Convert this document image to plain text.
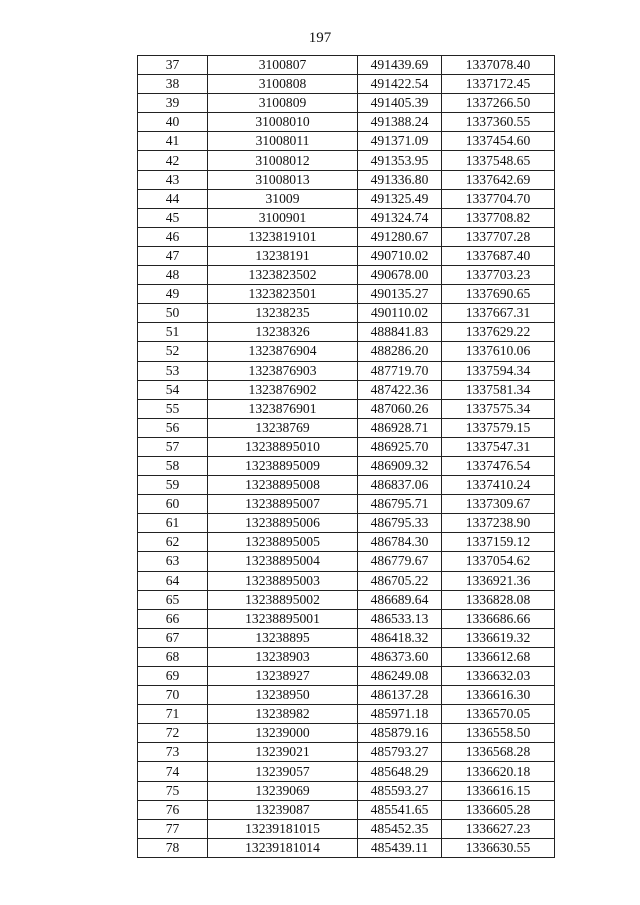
197
37	3100807	491439.69	1337078.40
38	3100808	491422.54	1337172.45
39	3100809	491405.39	1337266.50
40	31008010	491388.24	1337360.55
41	31008011	491371.09	1337454.60
42	31008012	491353.95	1337548.65
43	31008013	491336.80	1337642.69
44	31009	491325.49	1337704.70
45	3100901	491324.74	1337708.82
46	1323819101	491280.67	1337707.28
47	13238191	490710.02	1337687.40
48	1323823502	490678.00	1337703.23
49	1323823501	490135.27	1337690.65
50	13238235	490110.02	1337667.31
51	13238326	488841.83	1337629.22
52	1323876904	488286.20	1337610.06
53	1323876903	487719.70	1337594.34
54	1323876902	487422.36	1337581.34
55	1323876901	487060.26	1337575.34
56	13238769	486928.71	1337579.15
57	13238895010	486925.70	1337547.31
58	13238895009	486909.32	1337476.54
59	13238895008	486837.06	1337410.24
60	13238895007	486795.71	1337309.67
61	13238895006	486795.33	1337238.90
62	13238895005	486784.30	1337159.12
63	13238895004	486779.67	1337054.62
64	13238895003	486705.22	1336921.36
65	13238895002	486689.64	1336828.08
66	13238895001	486533.13	1336686.66
67	13238895	486418.32	1336619.32
68	13238903	486373.60	1336612.68
69	13238927	486249.08	1336632.03
70	13238950	486137.28	1336616.30
71	13238982	485971.18	1336570.05
72	13239000	485879.16	1336558.50
73	13239021	485793.27	1336568.28
74	13239057	485648.29	1336620.18
75	13239069	485593.27	1336616.15
76	13239087	485541.65	1336605.28
77	13239181015	485452.35	1336627.23
78	13239181014	485439.11	1336630.55
